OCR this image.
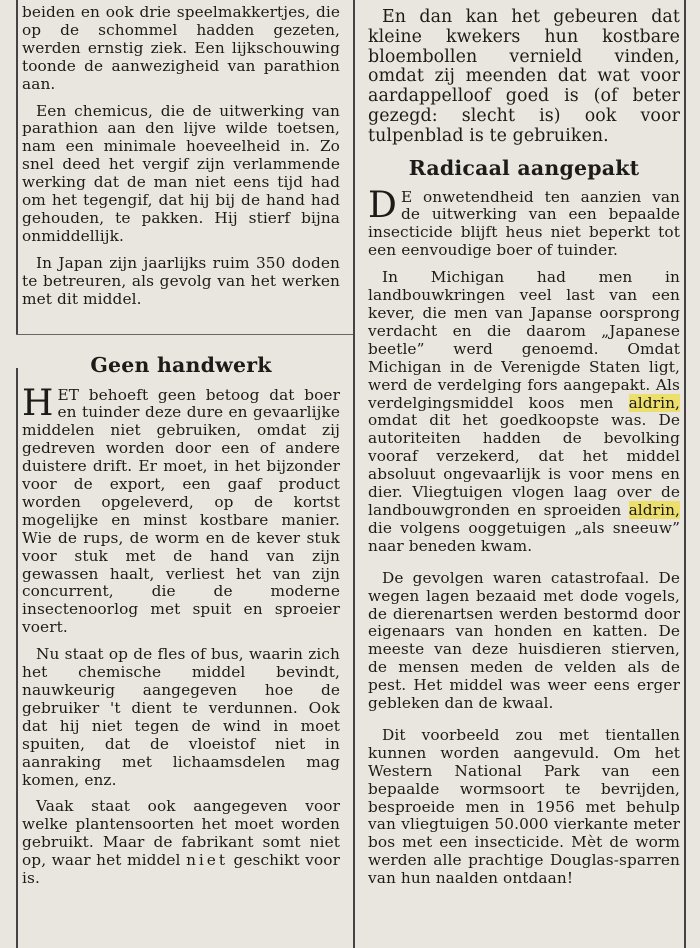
beiden en ook drie speelmakkertjes, die op de schommel hadden gezeten, werden ernstig ziek. Een lijkschouwing toonde de aanwezigheid van parathion aan.

Een chemicus, die de uitwerking van parathion aan den lijve wilde toetsen, nam een minimale hoeveelheid in. Zo snel deed het vergif zijn verlammende werking dat de man niet eens tijd had om het tegengif, dat hij bij de hand had gehouden, te pakken. Hij stierf bijna onmiddellijk.

In Japan zijn jaarlijks ruim 350 doden te betreuren, als gevolg van het werken met dit middel.

Geen handwerk

HET behoeft geen betoog dat boer en tuinder deze dure en gevaarlijke middelen niet gebruiken, omdat zij gedreven worden door een of andere duistere drift. Er moet, in het bijzonder voor de export, een gaaf product worden opgeleverd, op de kortst mogelijke en minst kostbare manier. Wie de rups, de worm en de kever stuk voor stuk met de hand van zijn gewassen haalt, verliest het van zijn concurrent, die de moderne insectenoorlog met spuit en sproeier voert.

Nu staat op de fles of bus, waarin zich het chemische middel bevindt, nauwkeurig aangegeven hoe de gebruiker 't dient te verdunnen. Ook dat hij niet tegen de wind in moet spuiten, dat de vloeistof niet in aanraking met lichaamsdelen mag komen, enz.

Vaak staat ook aangegeven voor welke plantensoorten het moet worden gebruikt. Maar de fabrikant somt niet op, waar het middel niet geschikt voor is.

En dan kan het gebeuren dat kleine kwekers hun kostbare bloembollen vernield vinden, omdat zij meenden dat wat voor aardappelloof goed is (of beter gezegd: slecht is) ook voor tulpenblad is te gebruiken.

Radicaal aangepakt

D E onwetendheid ten aanzien van de uitwerking van een bepaalde insecticide blijft heus niet beperkt tot een eenvoudige boer of tuinder.

In Michigan had men in landbouwkringen veel last van een kever, die men van Japanse oorsprong verdacht en die daarom „Japanese beetle” werd genoemd. Omdat Michigan in de Verenigde Staten ligt, werd de verdelging fors aangepakt. Als verdelgingsmiddel koos men aldrin, omdat dit het goedkoopste was. De autoriteiten hadden de bevolking vooraf verzekerd, dat het middel absoluut ongevaarlijk is voor mens en dier. Vliegtuigen vlogen laag over de landbouwgronden en sproeiden aldrin, die volgens ooggetuigen „als sneeuw” naar beneden kwam.

De gevolgen waren catastrofaal. De wegen lagen bezaaid met dode vogels, de dierenartsen werden bestormd door eigenaars van honden en katten. De meeste van deze huisdieren stierven, de mensen meden de velden als de pest. Het middel was weer eens erger gebleken dan de kwaal.

Dit voorbeeld zou met tientallen kunnen worden aangevuld. Om het Western National Park van een bepaalde wormsoort te bevrijden, besproeide men in 1956 met behulp van vliegtuigen 50.000 vierkante meter bos met een insecticide. Mèt de worm werden alle prachtige Douglas-sparren van hun naalden ontdaan!
